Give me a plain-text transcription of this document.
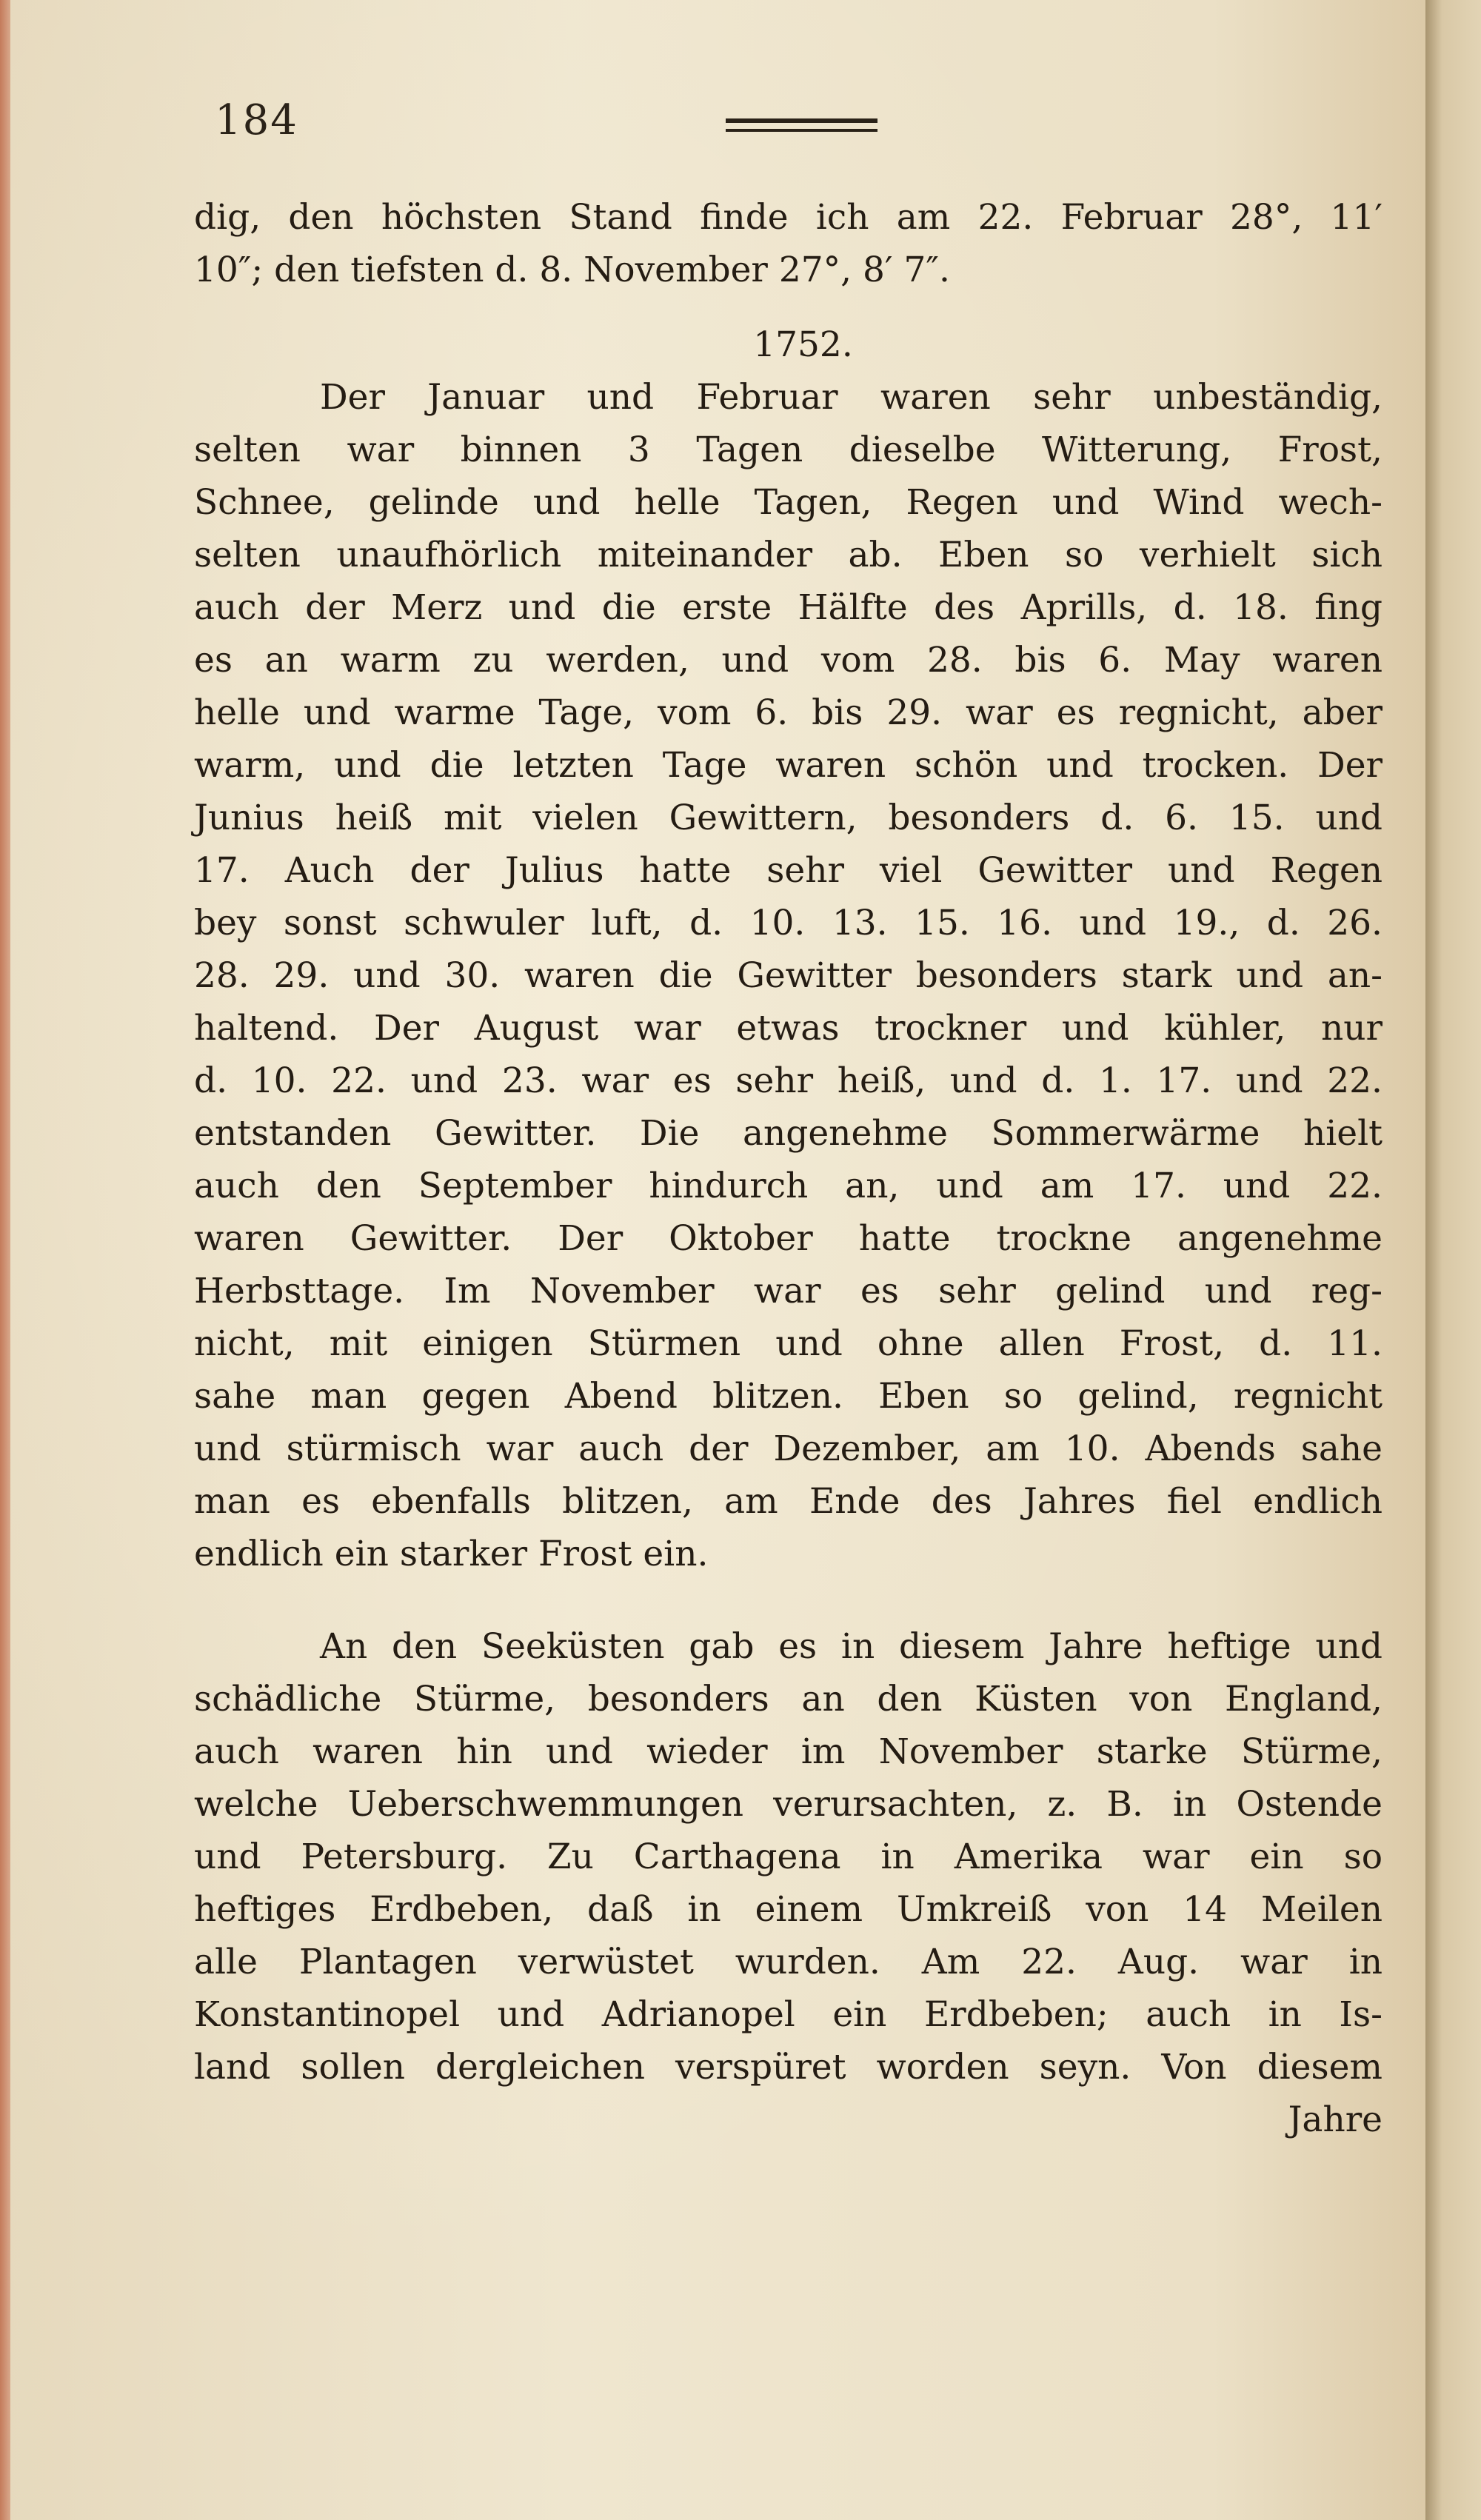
184
dig, den höchsten Stand finde ich am 22. Februar 28°, 11′
10″; den tiefsten d. 8. November 27°, 8′ 7″.
1752.
Der Januar und Februar waren sehr unbeständig,
selten war binnen 3 Tagen dieselbe Witterung, Frost,
Schnee, gelinde und helle Tagen, Regen und Wind wech-
selten unaufhörlich miteinander ab. Eben so verhielt sich
auch der Merz und die erste Hälfte des Aprills, d. 18. fing
es an warm zu werden, und vom 28. bis 6. May waren
helle und warme Tage, vom 6. bis 29. war es regnicht, aber
warm, und die letzten Tage waren schön und trocken. Der
Junius heiß mit vielen Gewittern, besonders d. 6. 15. und
17. Auch der Julius hatte sehr viel Gewitter und Regen
bey sonst schwuler luft, d. 10. 13. 15. 16. und 19., d. 26.
28. 29. und 30. waren die Gewitter besonders stark und an-
haltend. Der August war etwas trockner und kühler, nur
d. 10. 22. und 23. war es sehr heiß, und d. 1. 17. und 22.
entstanden Gewitter. Die angenehme Sommerwärme hielt
auch den September hindurch an, und am 17. und 22.
waren Gewitter. Der Oktober hatte trockne angenehme
Herbsttage. Im November war es sehr gelind und reg-
nicht, mit einigen Stürmen und ohne allen Frost, d. 11.
sahe man gegen Abend blitzen. Eben so gelind, regnicht
und stürmisch war auch der Dezember, am 10. Abends sahe
man es ebenfalls blitzen, am Ende des Jahres fiel endlich
endlich ein starker Frost ein.
An den Seeküsten gab es in diesem Jahre heftige und
schädliche Stürme, besonders an den Küsten von England,
auch waren hin und wieder im November starke Stürme,
welche Ueberschwemmungen verursachten, z. B. in Ostende
und Petersburg. Zu Carthagena in Amerika war ein so
heftiges Erdbeben, daß in einem Umkreiß von 14 Meilen
alle Plantagen verwüstet wurden. Am 22. Aug. war in
Konstantinopel und Adrianopel ein Erdbeben; auch in Is-
land sollen dergleichen verspüret worden seyn. Von diesem
Jahre
